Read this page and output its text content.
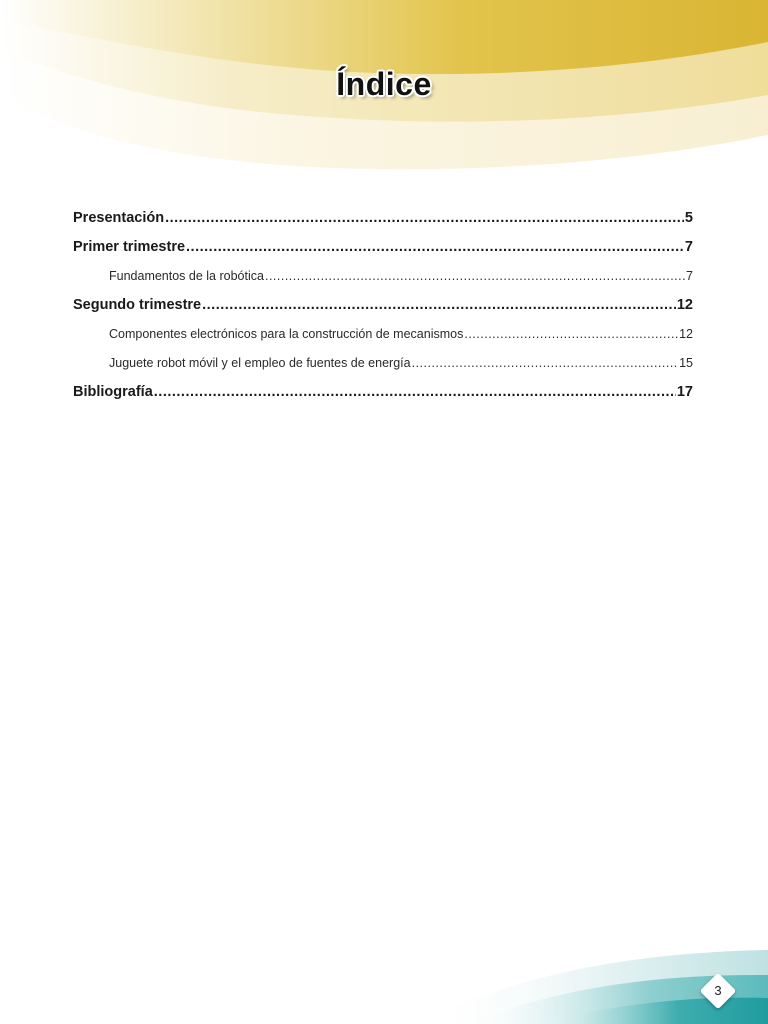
Índice
Presentación .....	5
Primer trimestre .....	7
Fundamentos de la robótica .....	7
Segundo trimestre .....	12
Componentes electrónicos para la construcción de mecanismos .....	12
Juguete robot móvil y el empleo de fuentes de energía .....	15
Bibliografía .....	17
3
